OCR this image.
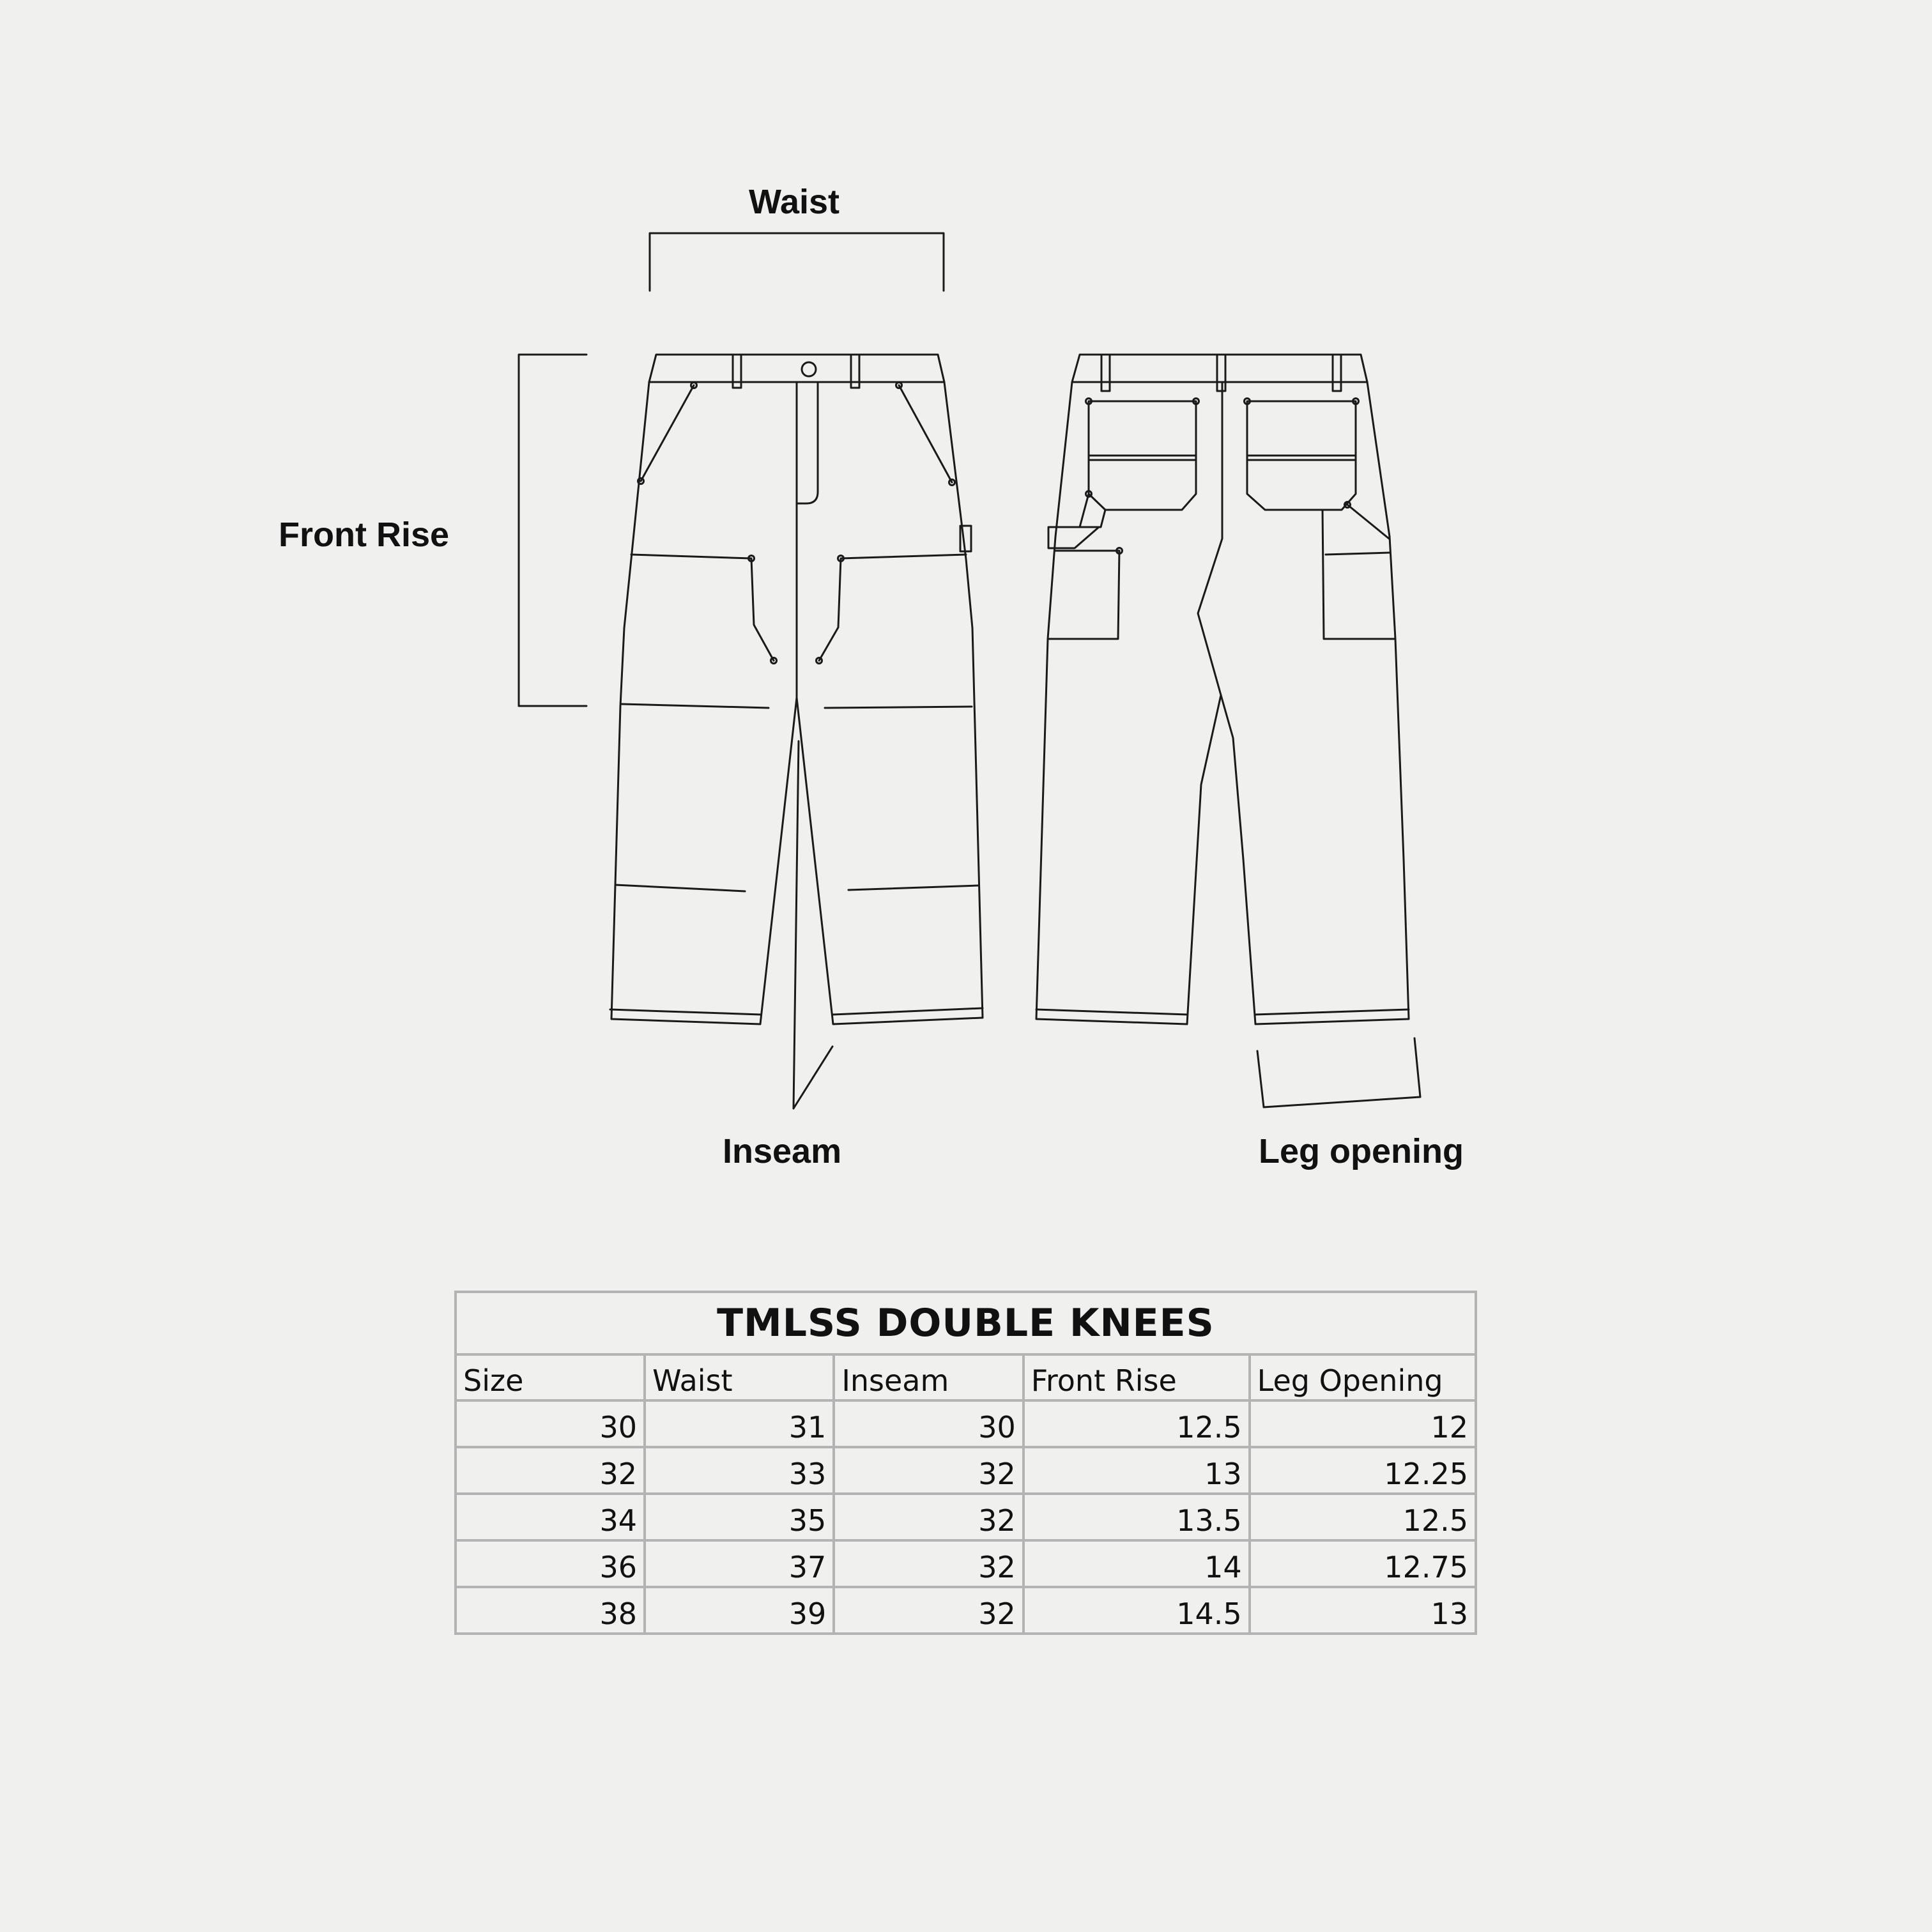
Waist
Front Rise
Inseam	Leg opening
TMLSS DOUBLE KNEES				
Size	Waist	Inseam	Front Rise	Leg Opening
30	31	30	12.5	12
32	33	32	13	12.25
34	35	32	13.5	12.5
36	37	32	14	12.75
38	39	32	14.5	13
